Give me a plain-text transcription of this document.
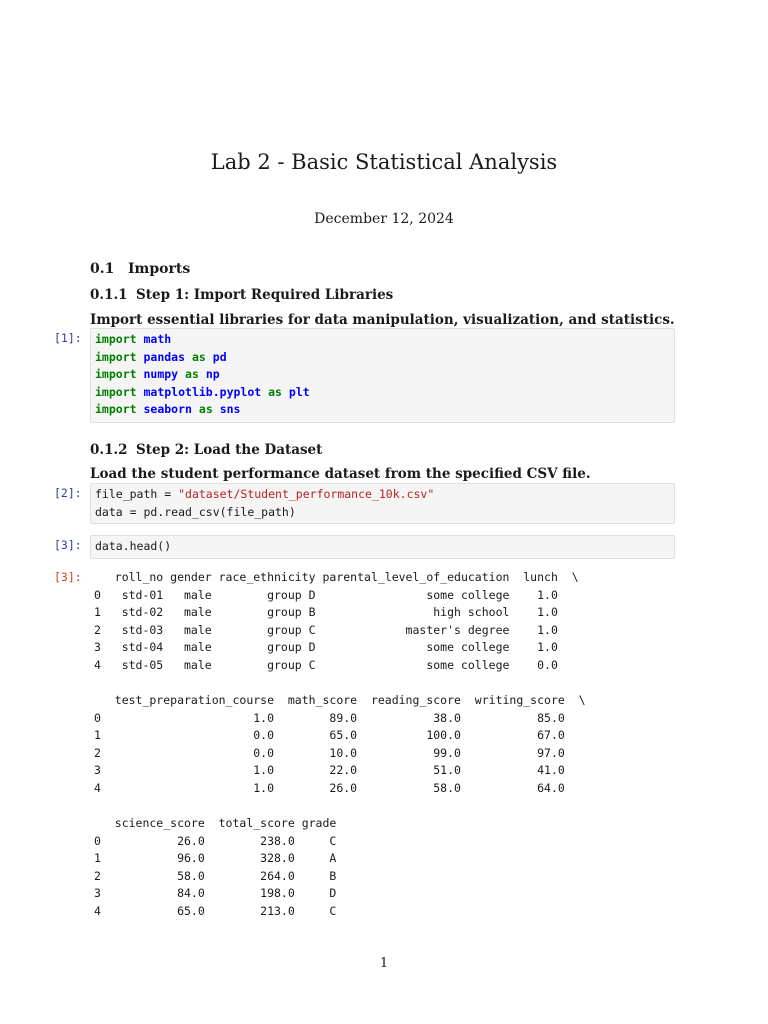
Lab 2 - Basic Statistical Analysis
December 12, 2024
0.1 Imports
0.1.1 Step 1: Import Required Libraries
Import essential libraries for data manipulation, visualization, and statistics.
[1]:	import math
import pandas as pd
import numpy as np
import matplotlib.pyplot as plt
import seaborn as sns
0.1.2 Step 2: Load the Dataset
Load the student performance dataset from the specified CSV file.
[2]:	file_path = "dataset/Student_performance_10k.csv"
data = pd.read_csv(file_path)
[3]:	data.head()
[3]:	roll_no gender race_ethnicity parental_level_of_education  lunch  \
0   std-01   male        group D                some college    1.0
1   std-02   male        group B                 high school    1.0
2   std-03   male        group C             master's degree    1.0
3   std-04   male        group D                some college    1.0
4   std-05   male        group C                some college    0.0
test_preparation_course  math_score  reading_score  writing_score  \
0                      1.0        89.0           38.0           85.0
1                      0.0        65.0          100.0           67.0
2                      0.0        10.0           99.0           97.0
3                      1.0        22.0           51.0           41.0
4                      1.0        26.0           58.0           64.0
science_score  total_score grade
0           26.0        238.0     C
1           96.0        328.0     A
2           58.0        264.0     B
3           84.0        198.0     D
4           65.0        213.0     C
1
